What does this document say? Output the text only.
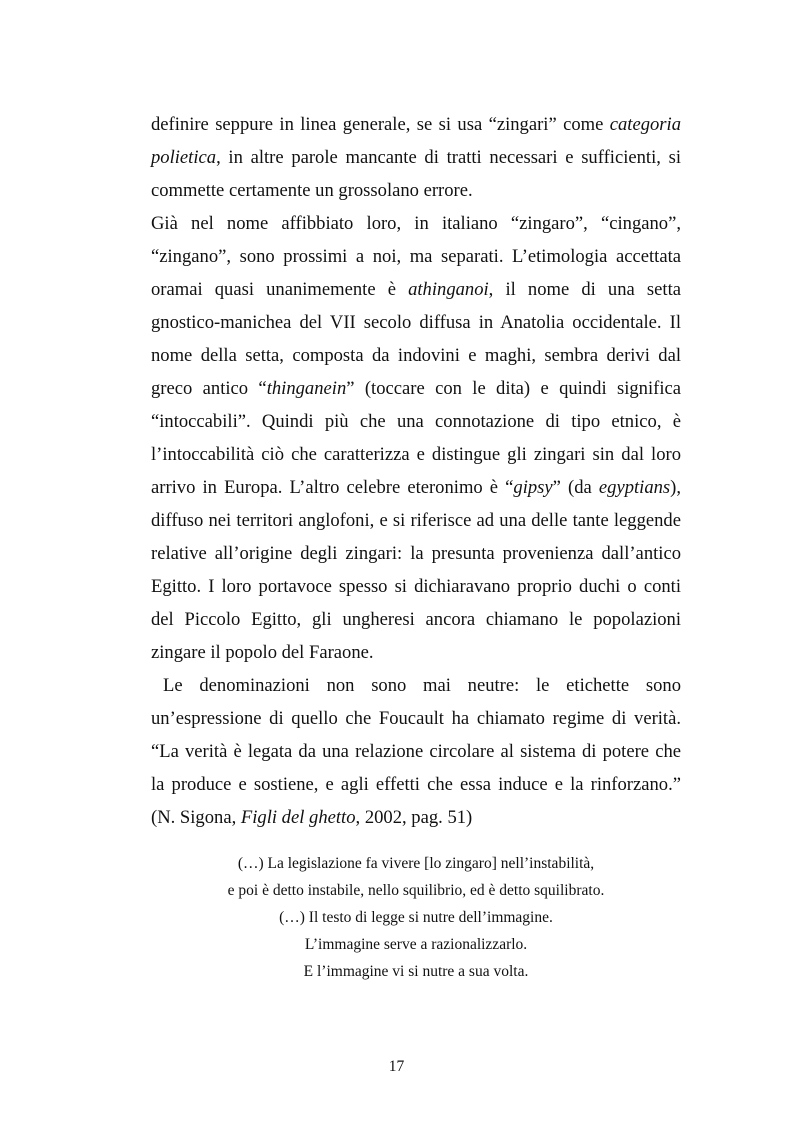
definire seppure in linea generale, se si usa “zingari” come categoria
polietica, in altre parole mancante di tratti necessari e sufficienti, si
commette certamente un grossolano errore.
Già nel nome affibbiato loro, in italiano “zingaro”, “cingano”,
“zingano”, sono prossimi a noi, ma separati. L’etimologia accettata
oramai quasi unanimemente è athinganoi, il nome di una setta
gnostico-manichea del VII secolo diffusa in Anatolia occidentale. Il
nome della setta, composta da indovini e maghi, sembra derivi dal
greco antico “thinganein” (toccare con le dita) e quindi significa
“intoccabili”. Quindi più che una connotazione di tipo etnico, è
l’intoccabilità ciò che caratterizza e distingue gli zingari sin dal loro
arrivo in Europa. L’altro celebre eteronimo è “gipsy” (da egyptians),
diffuso nei territori anglofoni, e si riferisce ad una delle tante leggende
relative all’origine degli zingari: la presunta provenienza dall’antico
Egitto. I loro portavoce spesso si dichiaravano proprio duchi o conti
del Piccolo Egitto, gli ungheresi ancora chiamano le popolazioni
zingare il popolo del Faraone.
Le denominazioni non sono mai neutre: le etichette sono
un’espressione di quello che Foucault ha chiamato regime di verità.
“La verità è legata da una relazione circolare al sistema di potere che
la produce e sostiene, e agli effetti che essa induce e la rinforzano.”
(N. Sigona, Figli del ghetto, 2002, pag. 51)
(…) La legislazione fa vivere [lo zingaro] nell’instabilità,
e poi è detto instabile, nello squilibrio, ed è detto squilibrato.
(…) Il testo di legge si nutre dell’immagine.
L’immagine serve a razionalizzarlo.
E l’immagine vi si nutre a sua volta.
17
